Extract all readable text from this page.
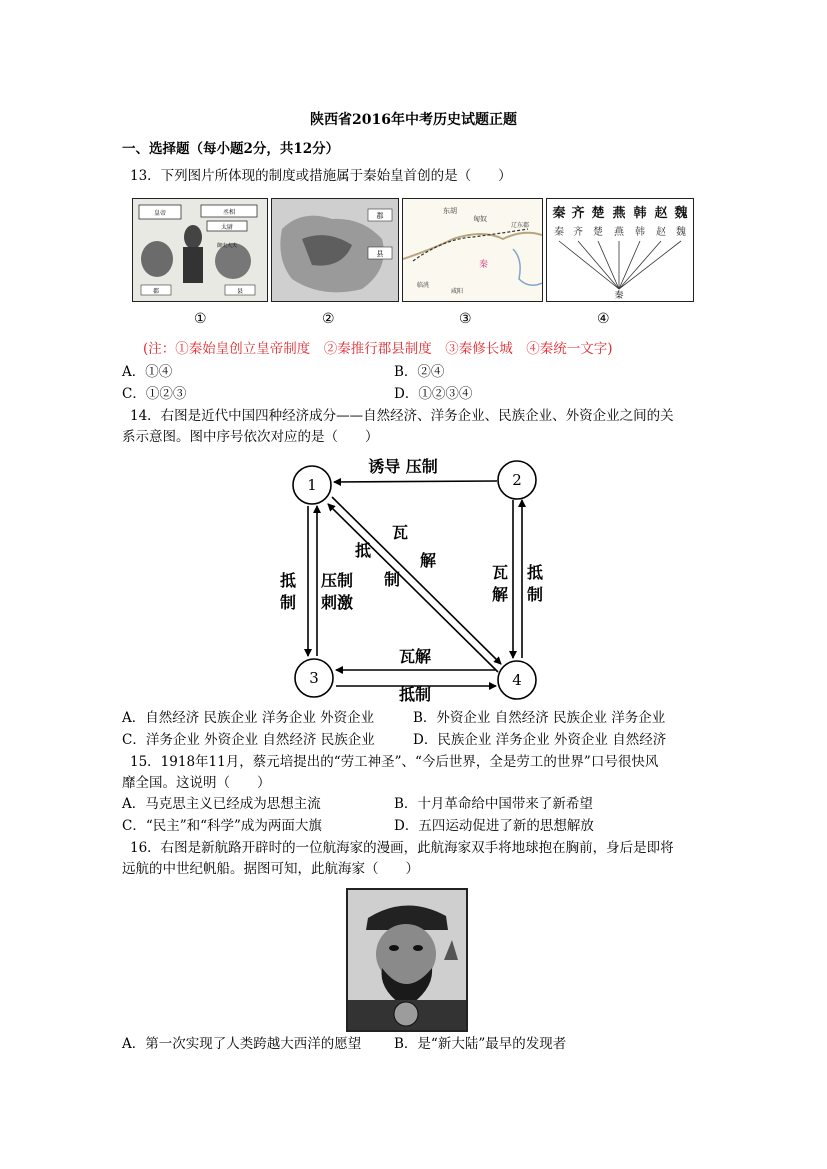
陕西省2016年中考历史试题正题
一、选择题（每小题2分，共12分）
13．下列图片所体现的制度或措施属于秦始皇首创的是（　　）
皇帝	丞相
太尉
御史大夫
郡	县
郡
县
东胡
匈奴
临洮
辽东郡
秦
咸阳
秦 齐 楚 燕 韩 赵 魏
秦 齐 楚 燕 韩 赵 魏
秦
①	②	③	④
(注：①秦始皇创立皇帝制度　②秦推行郡县制度　③秦修长城　④秦统一文字)
A．①④	B．②④
C．①②③	D．①②③④
14．右图是近代中国四种经济成分——自然经济、洋务企业、民族企业、外资企业之间的关
系示意图。图中序号依次对应的是（　　）
1	2
3	4
诱导 压制
瓦解
抵制
抵
制
压制
刺激
瓦
解
抵
制
抵
制
瓦
解
A．自然经济 民族企业 洋务企业 外资企业	B．外资企业 自然经济 民族企业 洋务企业
C．洋务企业 外资企业 自然经济 民族企业	D．民族企业 洋务企业 外资企业 自然经济
15．1918年11月，蔡元培提出的“劳工神圣”、“今后世界，全是劳工的世界”口号很快风
靡全国。这说明（　　）
A．马克思主义已经成为思想主流	B．十月革命给中国带来了新希望
C．“民主”和“科学”成为两面大旗	D．五四运动促进了新的思想解放
16．右图是新航路开辟时的一位航海家的漫画，此航海家双手将地球抱在胸前，身后是即将
远航的中世纪帆船。据图可知，此航海家（　　）
A．第一次实现了人类跨越大西洋的愿望 B．是“新大陆”最早的发现者
